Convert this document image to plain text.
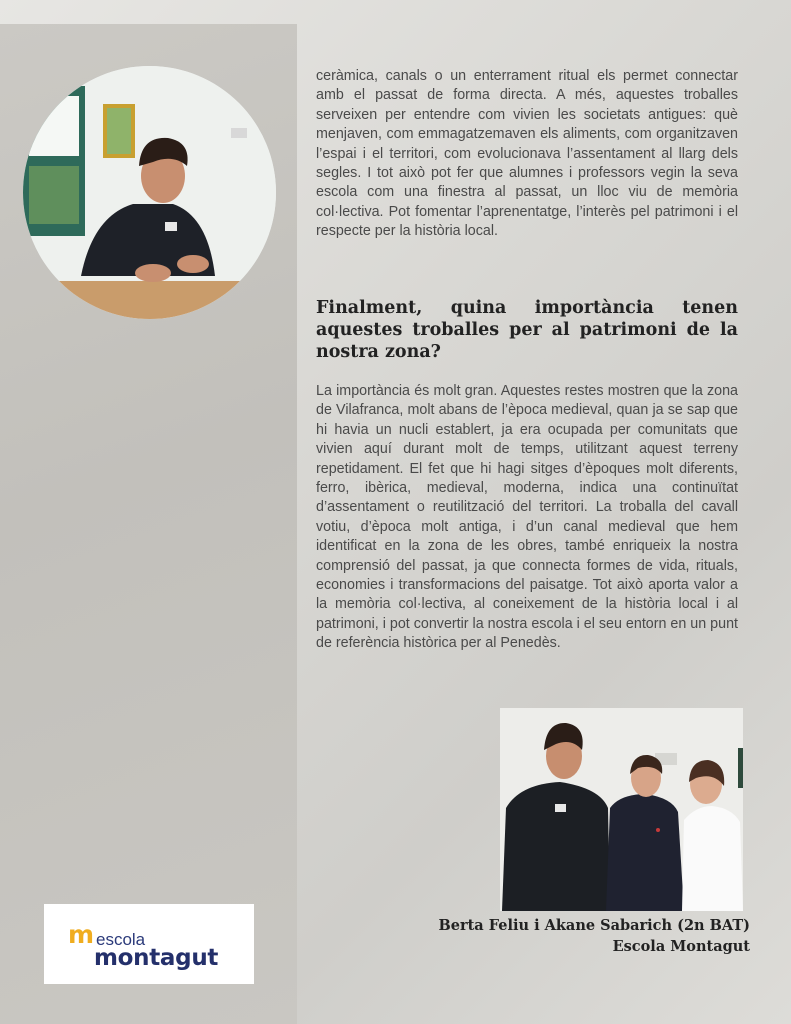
ceràmica, canals o un enterrament ritual els permet connectar amb el passat de forma directa. A més, aquestes troballes serveixen per entendre com vivien les societats antigues: què menjaven, com emmagatzemaven els aliments, com organitzaven l’espai i el territori, com evolucionava l’assentament al llarg dels segles. I tot això pot fer que alumnes i professors vegin la seva escola com una finestra al passat, un lloc viu de memòria col·lectiva. Pot fomentar l’aprenentatge, l’interès pel patrimoni i el respecte per la història local.

Finalment, quina importància tenen aquestes troballes per al patrimoni de la nostra zona?

La importància és molt gran. Aquestes restes mostren que la zona de Vilafranca, molt abans de l’època medieval, quan ja se sap que hi havia un nucli establert, ja era ocupada per comunitats que vivien aquí durant molt de temps, utilitzant aquest terreny repetidament. El fet que hi hagi sitges d’èpoques molt diferents, ferro, ibèrica, medieval, moderna, indica una continuïtat d’assentament o reutilització del territori. La troballa del cavall votiu, d’època molt antiga, i d’un canal medieval que hem identificat en la zona de les obres, també enriqueix la nostra comprensió del passat, ja que connecta formes de vida, rituals, economies i transformacions del paisatge. Tot això aporta valor a la memòria col·lectiva, al coneixement de la història local i al patrimoni, i pot convertir la nostra escola i el seu entorn en un punt de referència històrica per al Penedès.

m escola
montagut

Berta Feliu i Akane Sabarich (2n BAT)

Escola Montagut
